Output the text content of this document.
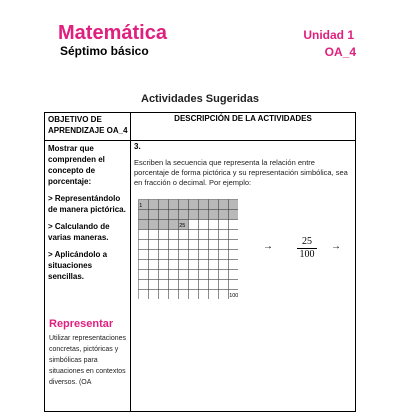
Matemática
Séptimo básico
Unidad 1
OA_4
Actividades Sugeridas
OBJETIVO DE APRENDIZAJE OA_4
DESCRIPCIÓN DE LA ACTIVIDADES

Mostrar que comprenden el concepto de porcentaje:

> Representándolo de manera pictórica.

> Calculando de varias maneras.

> Aplicándolo a situaciones sencillas.

Representar
Utilizar representaciones concretas, pictóricas y simbólicas para situaciones en contextos diversos. (OA
3.
Escriben la secuencia que representa la relación entre porcentaje de forma pictórica y su representación simbólica, sea en fracción o decimal. Por ejemplo:
1
25
100
→ $\frac{25}{100}$ →
